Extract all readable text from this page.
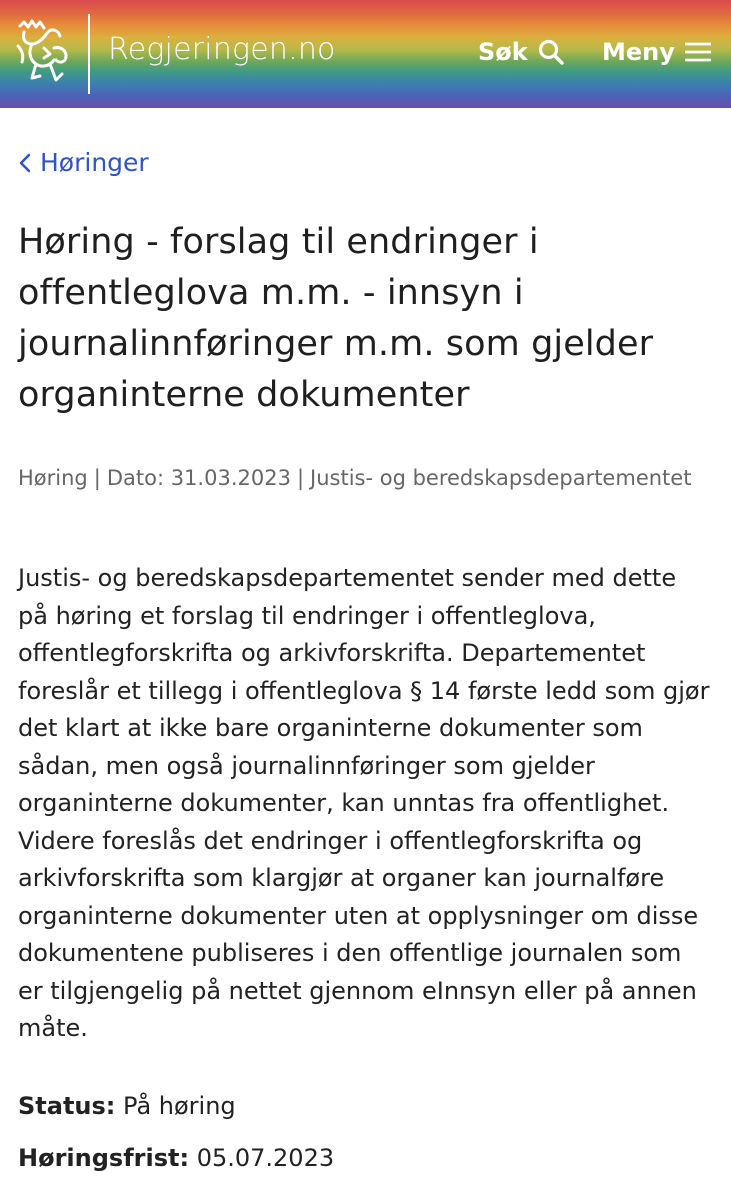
Regjeringen.no	Søk	Meny
Høringer
Høring - forslag til endringer i offentleglova m.m. - innsyn i journalinnføringer m.m. som gjelder organinterne dokumenter
Høring | Dato: 31.03.2023 | Justis- og beredskapsdepartementet

Justis- og beredskapsdepartementet sender med dette på høring et forslag til endringer i offentleglova, offentlegforskrifta og arkivforskrifta. Departementet foreslår et tillegg i offentleglova § 14 første ledd som gjør det klart at ikke bare organinterne dokumenter som sådan, men også journalinnføringer som gjelder organinterne dokumenter, kan unntas fra offentlighet. Videre foreslås det endringer i offentlegforskrifta og arkivforskrifta som klargjør at organer kan journalføre organinterne dokumenter uten at opplysninger om disse dokumentene publiseres i den offentlige journalen som er tilgjengelig på nettet gjennom eInnsyn eller på annen måte.

Status: På høring
Høringsfrist: 05.07.2023
